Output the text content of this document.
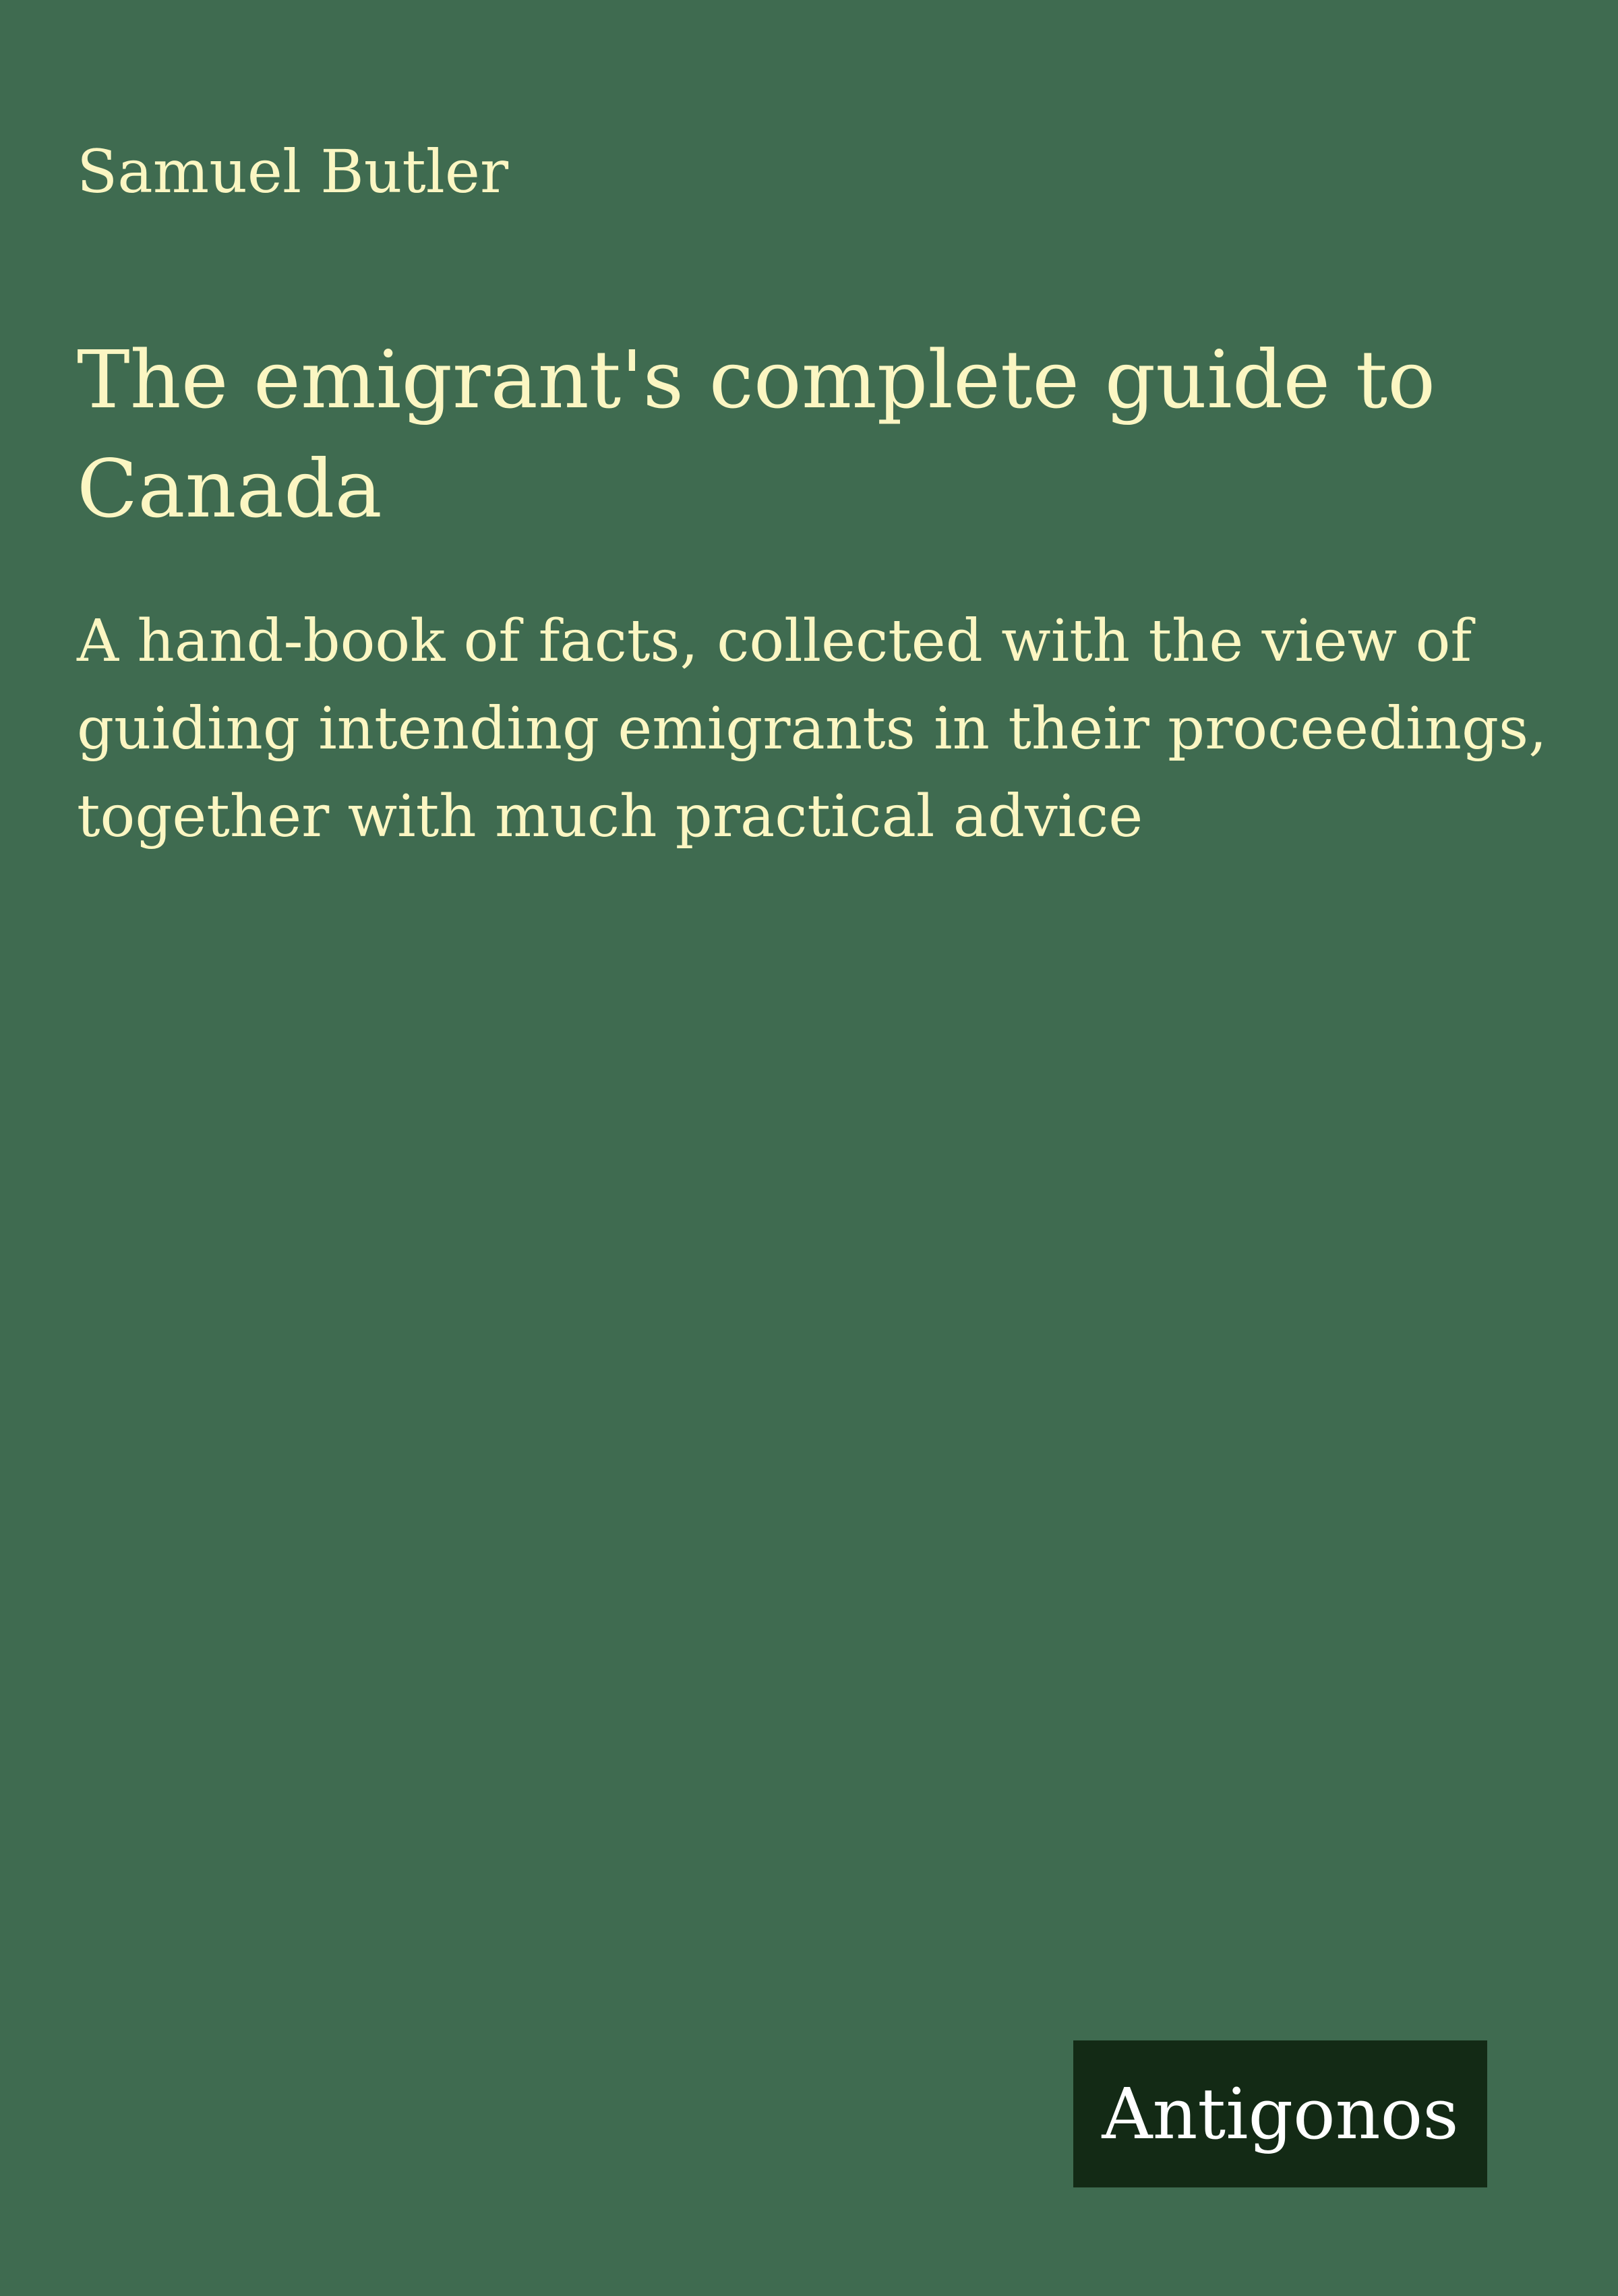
Samuel Butler

The emigrant's complete guide to Canada

A hand-book of facts, collected with the view of guiding intending emigrants in their proceedings, together with much practical advice

Antigonos
